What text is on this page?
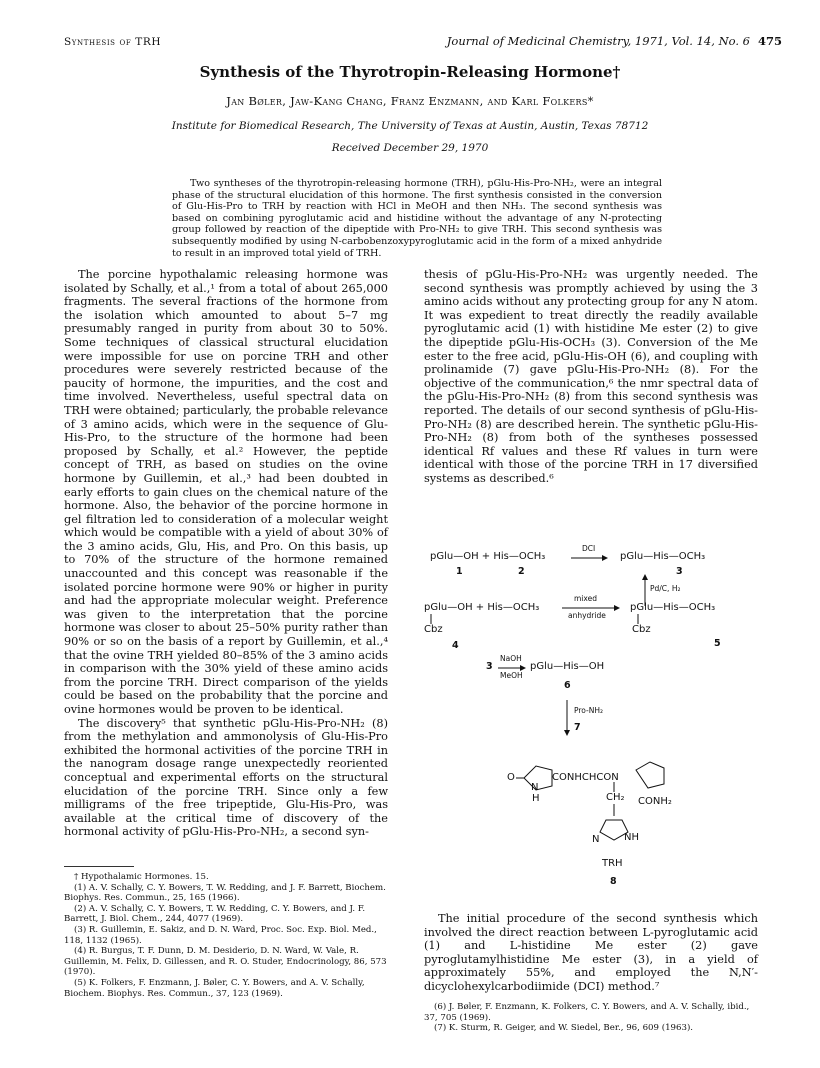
Synthesis of TRH	Journal of Medicinal Chemistry, 1971, Vol. 14, No. 6 475
Synthesis of the Thyrotropin-Releasing Hormone†
Jan Bøler, Jaw-Kang Chang, Franz Enzmann, and Karl Folkers*
Institute for Biomedical Research, The University of Texas at Austin, Austin, Texas 78712
Received December 29, 1970

Two syntheses of the thyrotropin-releasing hormone (TRH), pGlu-His-Pro-NH₂, were an integral phase of the structural elucidation of this hormone. The first synthesis consisted in the conversion of Glu-His-Pro to TRH by reaction with HCl in MeOH and then NH₃. The second synthesis was based on combining pyroglutamic acid and histidine without the advantage of any N-protecting group followed by reaction of the dipeptide with Pro-NH₂ to give TRH. This second synthesis was subsequently modified by using N-carbobenzoxypyroglutamic acid in the form of a mixed anhydride to result in an improved total yield of TRH.

The porcine hypothalamic releasing hormone was isolated by Schally, et al.,¹ from a total of about 265,000 fragments. The several fractions of the hormone from the isolation which amounted to about 5–7 mg presumably ranged in purity from about 30 to 50%. Some techniques of classical structural elucidation were impossible for use on porcine TRH and other procedures were severely restricted because of the paucity of hormone, the impurities, and the cost and time involved. Nevertheless, useful spectral data on TRH were obtained; particularly, the probable relevance of 3 amino acids, which were in the sequence of Glu-His-Pro, to the structure of the hormone had been proposed by Schally, et al.² However, the peptide concept of TRH, as based on studies on the ovine hormone by Guillemin, et al.,³ had been doubted in early efforts to gain clues on the chemical nature of the hormone. Also, the behavior of the porcine hormone in gel filtration led to consideration of a molecular weight which would be compatible with a yield of about 30% of the 3 amino acids, Glu, His, and Pro. On this basis, up to 70% of the structure of the hormone remained unaccounted and this concept was reasonable if the isolated porcine hormone were 90% or higher in purity and had the appropriate molecular weight. Preference was given to the interpretation that the porcine hormone was closer to about 25–50% purity rather than 90% or so on the basis of a report by Guillemin, et al.,⁴ that the ovine TRH yielded 80–85% of the 3 amino acids in comparison with the 30% yield of these amino acids from the porcine TRH. Direct comparison of the yields could be based on the probability that the porcine and ovine hormones would be proven to be identical.

The discovery⁵ that synthetic pGlu-His-Pro-NH₂ (8) from the methylation and ammonolysis of Glu-His-Pro exhibited the hormonal activities of the porcine TRH in the nanogram dosage range unexpectedly reoriented conceptual and experimental efforts on the structural elucidation of the porcine TRH. Since only a few milligrams of the free tripeptide, Glu-His-Pro, was available at the critical time of discovery of the hormonal activity of pGlu-His-Pro-NH₂, a second syn-

thesis of pGlu-His-Pro-NH₂ was urgently needed. The second synthesis was promptly achieved by using the 3 amino acids without any protecting group for any N atom. It was expedient to treat directly the readily available pyroglutamic acid (1) with histidine Me ester (2) to give the dipeptide pGlu-His-OCH₃ (3). Conversion of the Me ester to the free acid, pGlu-His-OH (6), and coupling with prolinamide (7) gave pGlu-His-Pro-NH₂ (8). For the objective of the communication,⁶ the nmr spectral data of the pGlu-His-Pro-NH₂ (8) from this second synthesis was reported. The details of our second synthesis of pGlu-His-Pro-NH₂ (8) are described herein. The synthetic pGlu-His-Pro-NH₂ (8) from both of the syntheses possessed identical Rf values and these Rf values in turn were identical with those of the porcine TRH in 17 diversified systems as described.⁶

pGlu—OH + His—OCH₃
DCI
pGlu—His—OCH₃
1	2	3
Pd/C, H₂
pGlu—OH + His—OCH₃
mixed
anhydride
pGlu—His—OCH₃
Cbz	Cbz
4	5
3
NaOH
MeOH
pGlu—His—OH
6
Pro-NH₂
7
O
N
H
CONHCHCON
CH₂ CONH₂
N NH
TRH
8

The initial procedure of the second synthesis which involved the direct reaction between L-pyroglutamic acid (1) and L-histidine Me ester (2) gave pyroglutamylhistidine Me ester (3), in a yield of approximately 55%, and employed the N,N′-dicyclohexylcarbodiimide (DCI) method.⁷

† Hypothalamic Hormones. 15.
(1) A. V. Schally, C. Y. Bowers, T. W. Redding, and J. F. Barrett, Biochem. Biophys. Res. Commun., 25, 165 (1966).
(2) A. V. Schally, C. Y. Bowers, T. W. Redding, C. Y. Bowers, and J. F. Barrett, J. Biol. Chem., 244, 4077 (1969).
(3) R. Guillemin, E. Sakiz, and D. N. Ward, Proc. Soc. Exp. Biol. Med., 118, 1132 (1965).
(4) R. Burgus, T. F. Dunn, D. M. Desiderio, D. N. Ward, W. Vale, R. Guillemin, M. Felix, D. Gillessen, and R. O. Studer, Endocrinology, 86, 573 (1970).
(5) K. Folkers, F. Enzmann, J. Bøler, C. Y. Bowers, and A. V. Schally, Biochem. Biophys. Res. Commun., 37, 123 (1969).
(6) J. Bøler, F. Enzmann, K. Folkers, C. Y. Bowers, and A. V. Schally, ibid., 37, 705 (1969).
(7) K. Sturm, R. Geiger, and W. Siedel, Ber., 96, 609 (1963).
